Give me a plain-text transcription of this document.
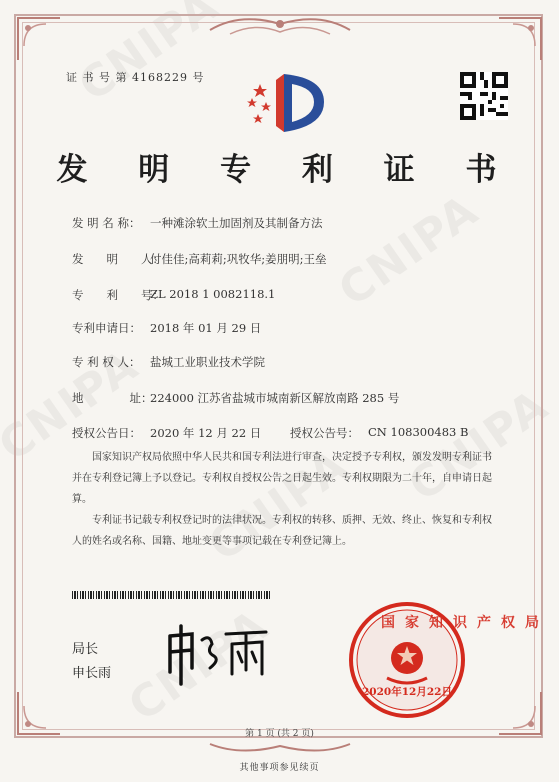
证 书 号 第 4168229 号
发 明 专 利 证 书
发 明 名 称： 一种滩涂软土加固剂及其制备方法
发　　明　　人：
付佳佳;高莉莉;巩牧华;姜朋明;王垒
专　　利　　号：
ZL 2018 1 0082118.1
专利申请日： 2018 年 01 月 29 日
专 利 权 人： 盐城工业职业技术学院
地　　　　址：
224000 江苏省盐城市城南新区解放南路 285 号
授权公告日： 2020 年 12 月 22 日 授权公告号： CN 108300483 B
国家知识产权局依照中华人民共和国专利法进行审查，决定授予专利权，颁发发明专利证书并在专利登记簿上予以登记。专利权自授权公告之日起生效。专利权期限为二十年，自申请日起算。
专利证书记载专利权登记时的法律状况。专利权的转移、质押、无效、终止、恢复和专利权人的姓名或名称、国籍、地址变更等事项记载在专利登记簿上。
局长
申长雨
国家知识产权局
2020年12月22日
第 1 页 (共 2 页)
其他事项参见续页
